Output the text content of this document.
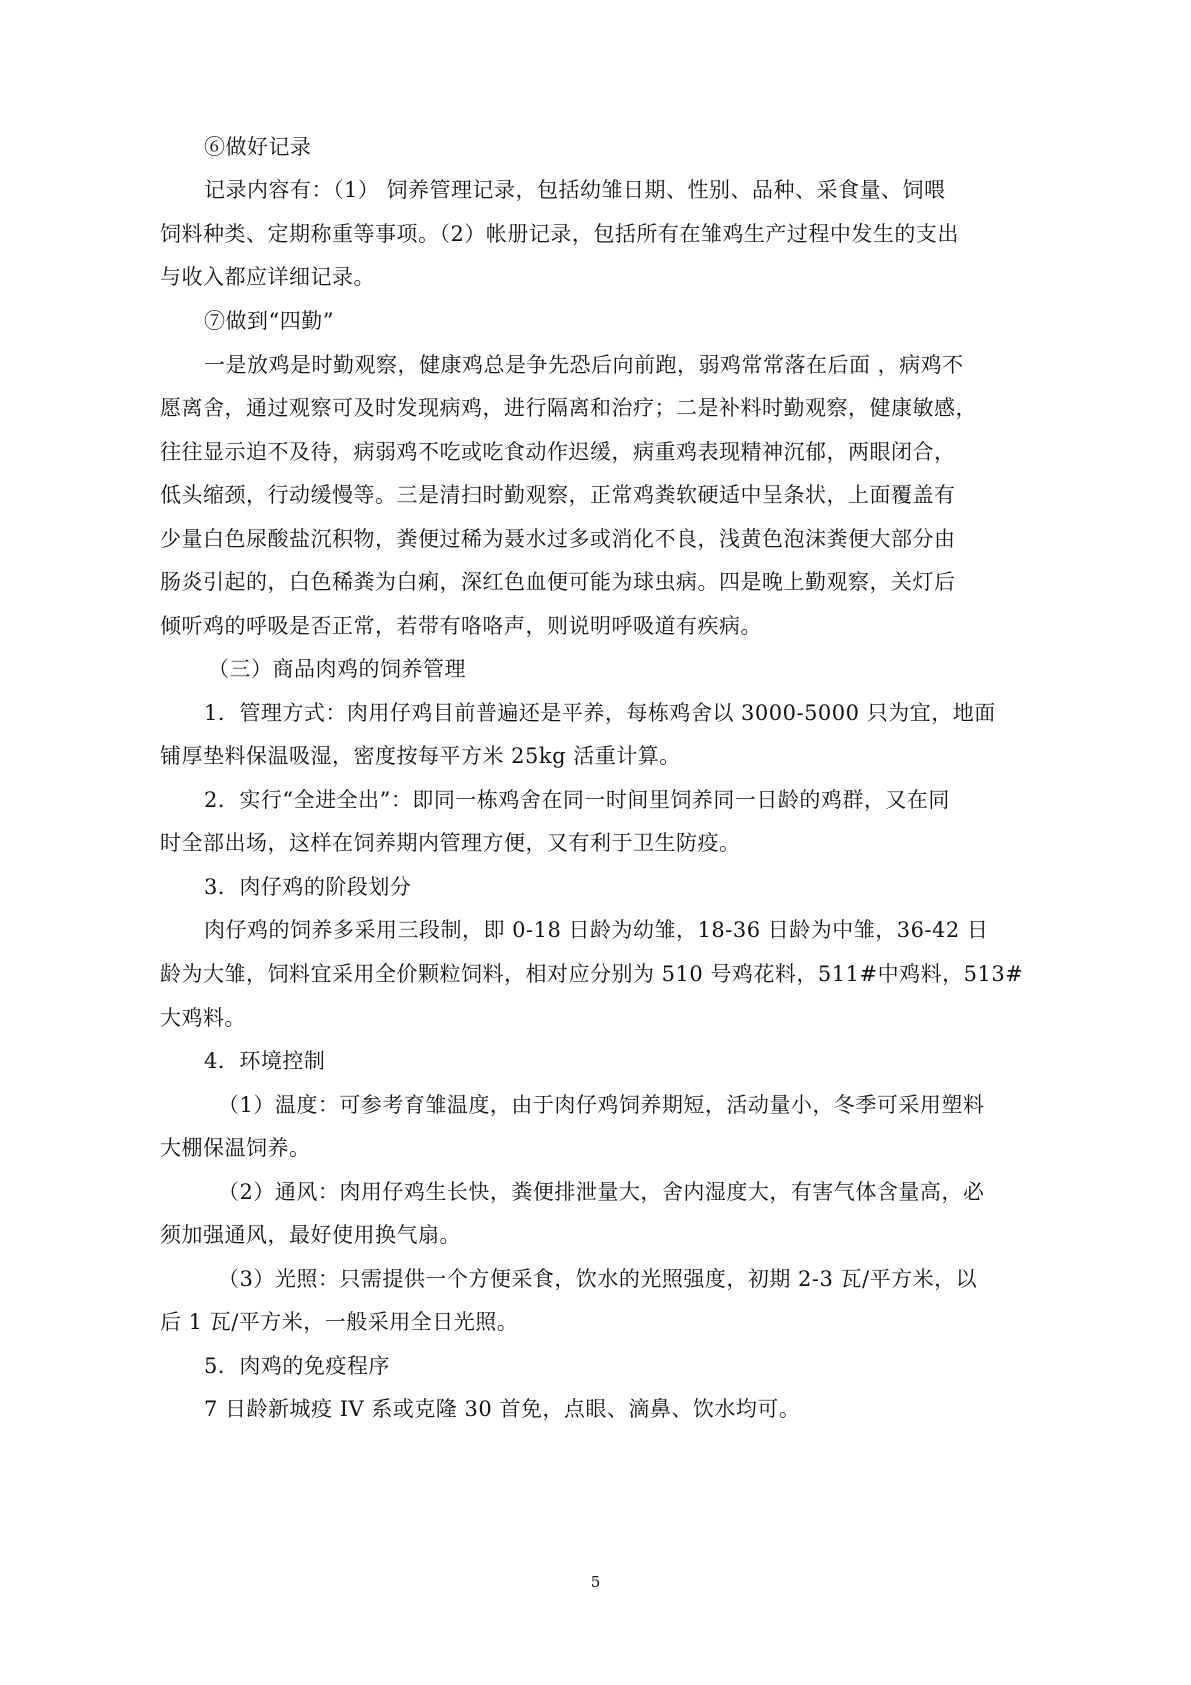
⑥做好记录
记录内容有：（1） 饲养管理记录，包括幼雏日期、性别、品种、采食量、饲喂
饲料种类、定期称重等事项。（2）帐册记录，包括所有在雏鸡生产过程中发生的支出
与收入都应详细记录。
⑦做到“四勤”
一是放鸡是时勤观察，健康鸡总是争先恐后向前跑，弱鸡常常落在后面 ，病鸡不
愿离舍，通过观察可及时发现病鸡，进行隔离和治疗；二是补料时勤观察，健康敏感，
往往显示迫不及待，病弱鸡不吃或吃食动作迟缓，病重鸡表现精神沉郁，两眼闭合，
低头缩颈，行动缓慢等。三是清扫时勤观察，正常鸡粪软硬适中呈条状，上面覆盖有
少量白色尿酸盐沉积物，粪便过稀为聂水过多或消化不良，浅黄色泡沫粪便大部分由
肠炎引起的，白色稀粪为白痢，深红色血便可能为球虫病。四是晚上勤观察，关灯后
倾听鸡的呼吸是否正常，若带有咯咯声，则说明呼吸道有疾病。
（三）商品肉鸡的饲养管理
1．管理方式：肉用仔鸡目前普遍还是平养，每栋鸡舍以 3000-5000 只为宜，地面
铺厚垫料保温吸湿，密度按每平方米 25kg 活重计算。
2．实行“全进全出”：即同一栋鸡舍在同一时间里饲养同一日龄的鸡群，又在同
时全部出场，这样在饲养期内管理方便，又有利于卫生防疫。
3．肉仔鸡的阶段划分
肉仔鸡的饲养多采用三段制，即 0-18 日龄为幼雏，18-36 日龄为中雏，36-42 日
龄为大雏，饲料宜采用全价颗粒饲料，相对应分别为 510 号鸡花料，511#中鸡料，513#
大鸡料。
4．环境控制
（1）温度：可参考育雏温度，由于肉仔鸡饲养期短，活动量小，冬季可采用塑料
大棚保温饲养。
（2）通风：肉用仔鸡生长快，粪便排泄量大，舍内湿度大，有害气体含量高，必
须加强通风，最好使用换气扇。
（3）光照：只需提供一个方便采食，饮水的光照强度，初期 2-3 瓦/平方米，以
后 1 瓦/平方米，一般采用全日光照。
5．肉鸡的免疫程序
7 日龄新城疫 IV 系或克隆 30 首免，点眼、滴鼻、饮水均可。
5
